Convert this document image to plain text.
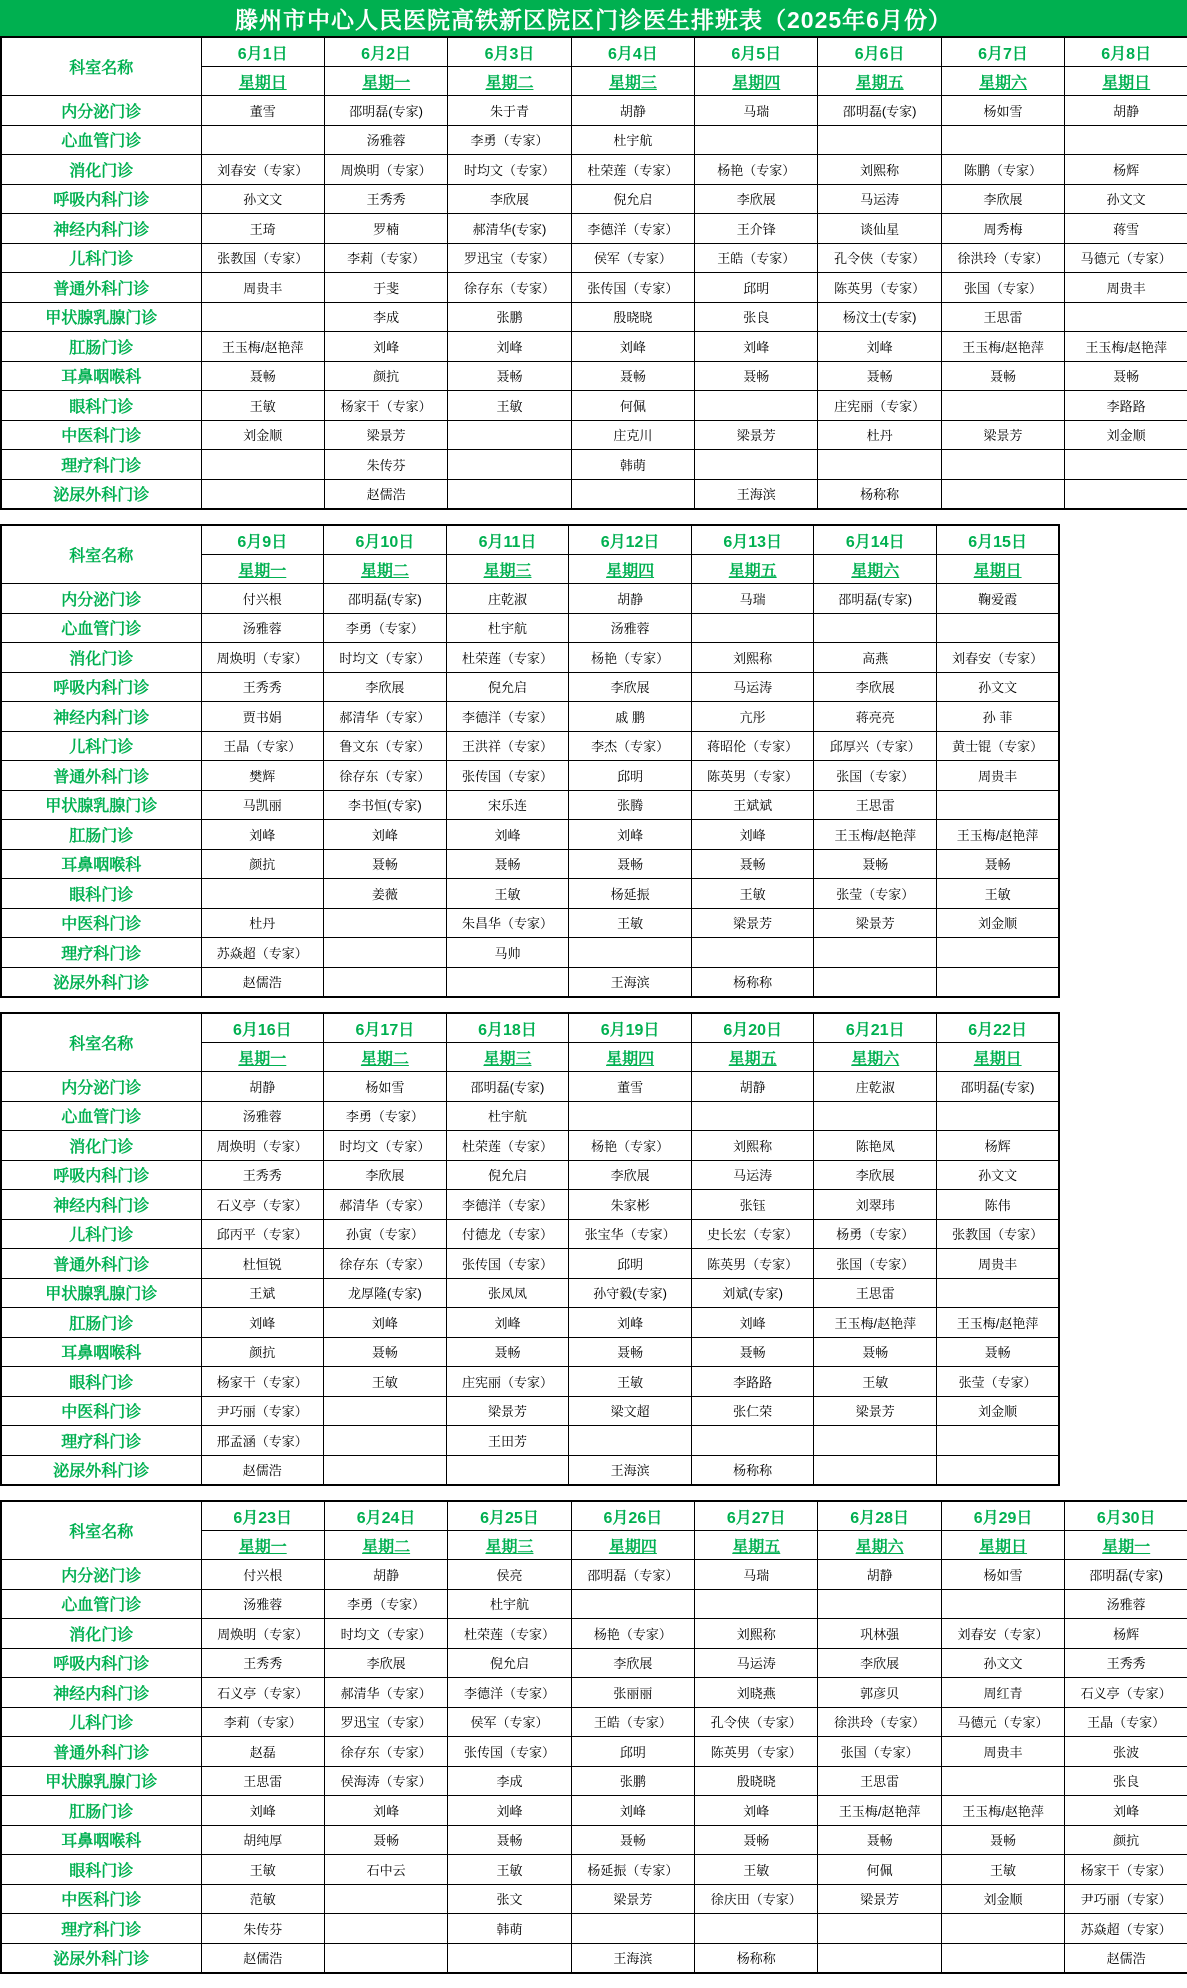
滕州市中心人民医院高铁新区院区门诊医生排班表（2025年6月份）
科室名称	6月1日	6月2日	6月3日	6月4日	6月5日	6月6日	6月7日	6月8日
	星期日	星期一	星期二	星期三	星期四	星期五	星期六	星期日
内分泌门诊	董雪	邵明磊(专家)	朱于青	胡静	马瑞	邵明磊(专家)	杨如雪	胡静
心血管门诊		汤雅蓉	李勇（专家）	杜宇航				
消化门诊	刘春安（专家）	周焕明（专家）	时均文（专家）	杜荣莲（专家）	杨艳（专家）	刘熙称	陈鹏（专家）	杨辉
呼吸内科门诊	孙文文	王秀秀	李欣展	倪允启	李欣展	马运涛	李欣展	孙文文
神经内科门诊	王琦	罗楠	郝清华(专家)	李德洋（专家）	王介锋	谈仙星	周秀梅	蒋雪
儿科门诊	张教国（专家）	李莉（专家）	罗迅宝（专家）	侯军（专家）	王皓（专家）	孔令侠（专家）	徐洪玲（专家）	马德元（专家）
普通外科门诊	周贵丰	于斐	徐存东（专家）	张传国（专家）	邱明	陈英男（专家）	张国（专家）	周贵丰
甲状腺乳腺门诊		李成	张鹏	殷晓晓	张良	杨汶士(专家)	王思雷	
肛肠门诊	王玉梅/赵艳萍	刘峰	刘峰	刘峰	刘峰	刘峰	王玉梅/赵艳萍	王玉梅/赵艳萍
耳鼻咽喉科	聂畅	颜抗	聂畅	聂畅	聂畅	聂畅	聂畅	聂畅
眼科门诊	王敏	杨家干（专家）	王敏	何佩		庄宪丽（专家）		李路路
中医科门诊	刘金顺	梁景芳		庄克川	梁景芳	杜丹	梁景芳	刘金顺
理疗科门诊		朱传芬		韩萌				
泌尿外科门诊		赵儒浩			王海滨	杨称称		
科室名称	6月9日	6月10日	6月11日	6月12日	6月13日	6月14日	6月15日
	星期一	星期二	星期三	星期四	星期五	星期六	星期日
内分泌门诊	付兴根	邵明磊(专家)	庄乾淑	胡静	马瑞	邵明磊(专家)	鞠爱霞
心血管门诊	汤雅蓉	李勇（专家）	杜宇航	汤雅蓉			
消化门诊	周焕明（专家）	时均文（专家）	杜荣莲（专家）	杨艳（专家）	刘熙称	高燕	刘春安（专家）
呼吸内科门诊	王秀秀	李欣展	倪允启	李欣展	马运涛	李欣展	孙文文
神经内科门诊	贾书娟	郝清华（专家）	李德洋（专家）	戚 鹏	亢彤	蒋亮亮	孙 菲
儿科门诊	王晶（专家）	鲁文东（专家）	王洪祥（专家）	李杰（专家）	蒋昭伦（专家）	邱厚兴（专家）	黄士锟（专家）
普通外科门诊	樊辉	徐存东（专家）	张传国（专家）	邱明	陈英男（专家）	张国（专家）	周贵丰
甲状腺乳腺门诊	马凯丽	李书恒(专家)	宋乐连	张腾	王斌斌	王思雷	
肛肠门诊	刘峰	刘峰	刘峰	刘峰	刘峰	王玉梅/赵艳萍	王玉梅/赵艳萍
耳鼻咽喉科	颜抗	聂畅	聂畅	聂畅	聂畅	聂畅	聂畅
眼科门诊		姜薇	王敏	杨延振	王敏	张莹（专家）	王敏
中医科门诊	杜丹		朱昌华（专家）	王敏	梁景芳	梁景芳	刘金顺
理疗科门诊	苏焱超（专家）		马帅				
泌尿外科门诊	赵儒浩			王海滨	杨称称		
科室名称	6月16日	6月17日	6月18日	6月19日	6月20日	6月21日	6月22日
	星期一	星期二	星期三	星期四	星期五	星期六	星期日
内分泌门诊	胡静	杨如雪	邵明磊(专家)	董雪	胡静	庄乾淑	邵明磊(专家)
心血管门诊	汤雅蓉	李勇（专家）	杜宇航				
消化门诊	周焕明（专家）	时均文（专家）	杜荣莲（专家）	杨艳（专家）	刘熙称	陈艳凤	杨辉
呼吸内科门诊	王秀秀	李欣展	倪允启	李欣展	马运涛	李欣展	孙文文
神经内科门诊	石义亭（专家）	郝清华（专家）	李德洋（专家）	朱家彬	张钰	刘翠玮	陈伟
儿科门诊	邱丙平（专家）	孙寅（专家）	付德龙（专家）	张宝华（专家）	史长宏（专家）	杨勇（专家）	张教国（专家）
普通外科门诊	杜恒锐	徐存东（专家）	张传国（专家）	邱明	陈英男（专家）	张国（专家）	周贵丰
甲状腺乳腺门诊	王斌	龙厚隆(专家)	张凤凤	孙守毅(专家)	刘斌(专家)	王思雷	
肛肠门诊	刘峰	刘峰	刘峰	刘峰	刘峰	王玉梅/赵艳萍	王玉梅/赵艳萍
耳鼻咽喉科	颜抗	聂畅	聂畅	聂畅	聂畅	聂畅	聂畅
眼科门诊	杨家干（专家）	王敏	庄宪丽（专家）	王敏	李路路	王敏	张莹（专家）
中医科门诊	尹巧丽（专家）		梁景芳	梁文超	张仁荣	梁景芳	刘金顺
理疗科门诊	邢孟涵（专家）		王田芳				
泌尿外科门诊	赵儒浩			王海滨	杨称称		
科室名称	6月23日	6月24日	6月25日	6月26日	6月27日	6月28日	6月29日	6月30日
	星期一	星期二	星期三	星期四	星期五	星期六	星期日	星期一
内分泌门诊	付兴根	胡静	侯亮	邵明磊（专家）	马瑞	胡静	杨如雪	邵明磊(专家)
心血管门诊	汤雅蓉	李勇（专家）	杜宇航					汤雅蓉
消化门诊	周焕明（专家）	时均文（专家）	杜荣莲（专家）	杨艳（专家）	刘熙称	巩林强	刘春安（专家）	杨辉
呼吸内科门诊	王秀秀	李欣展	倪允启	李欣展	马运涛	李欣展	孙文文	王秀秀
神经内科门诊	石义亭（专家）	郝清华（专家）	李德洋（专家）	张丽丽	刘晓燕	郭彦贝	周红青	石义亭（专家）
儿科门诊	李莉（专家）	罗迅宝（专家）	侯军（专家）	王皓（专家）	孔令侠（专家）	徐洪玲（专家）	马德元（专家）	王晶（专家）
普通外科门诊	赵磊	徐存东（专家）	张传国（专家）	邱明	陈英男（专家）	张国（专家）	周贵丰	张波
甲状腺乳腺门诊	王思雷	侯海涛（专家）	李成	张鹏	殷晓晓	王思雷		张良
肛肠门诊	刘峰	刘峰	刘峰	刘峰	刘峰	王玉梅/赵艳萍	王玉梅/赵艳萍	刘峰
耳鼻咽喉科	胡纯厚	聂畅	聂畅	聂畅	聂畅	聂畅	聂畅	颜抗
眼科门诊	王敏	石中云	王敏	杨延振（专家）	王敏	何佩	王敏	杨家干（专家）
中医科门诊	范敏		张文	梁景芳	徐庆田（专家）	梁景芳	刘金顺	尹巧丽（专家）
理疗科门诊	朱传芬		韩萌					苏焱超（专家）
泌尿外科门诊	赵儒浩			王海滨	杨称称			赵儒浩
